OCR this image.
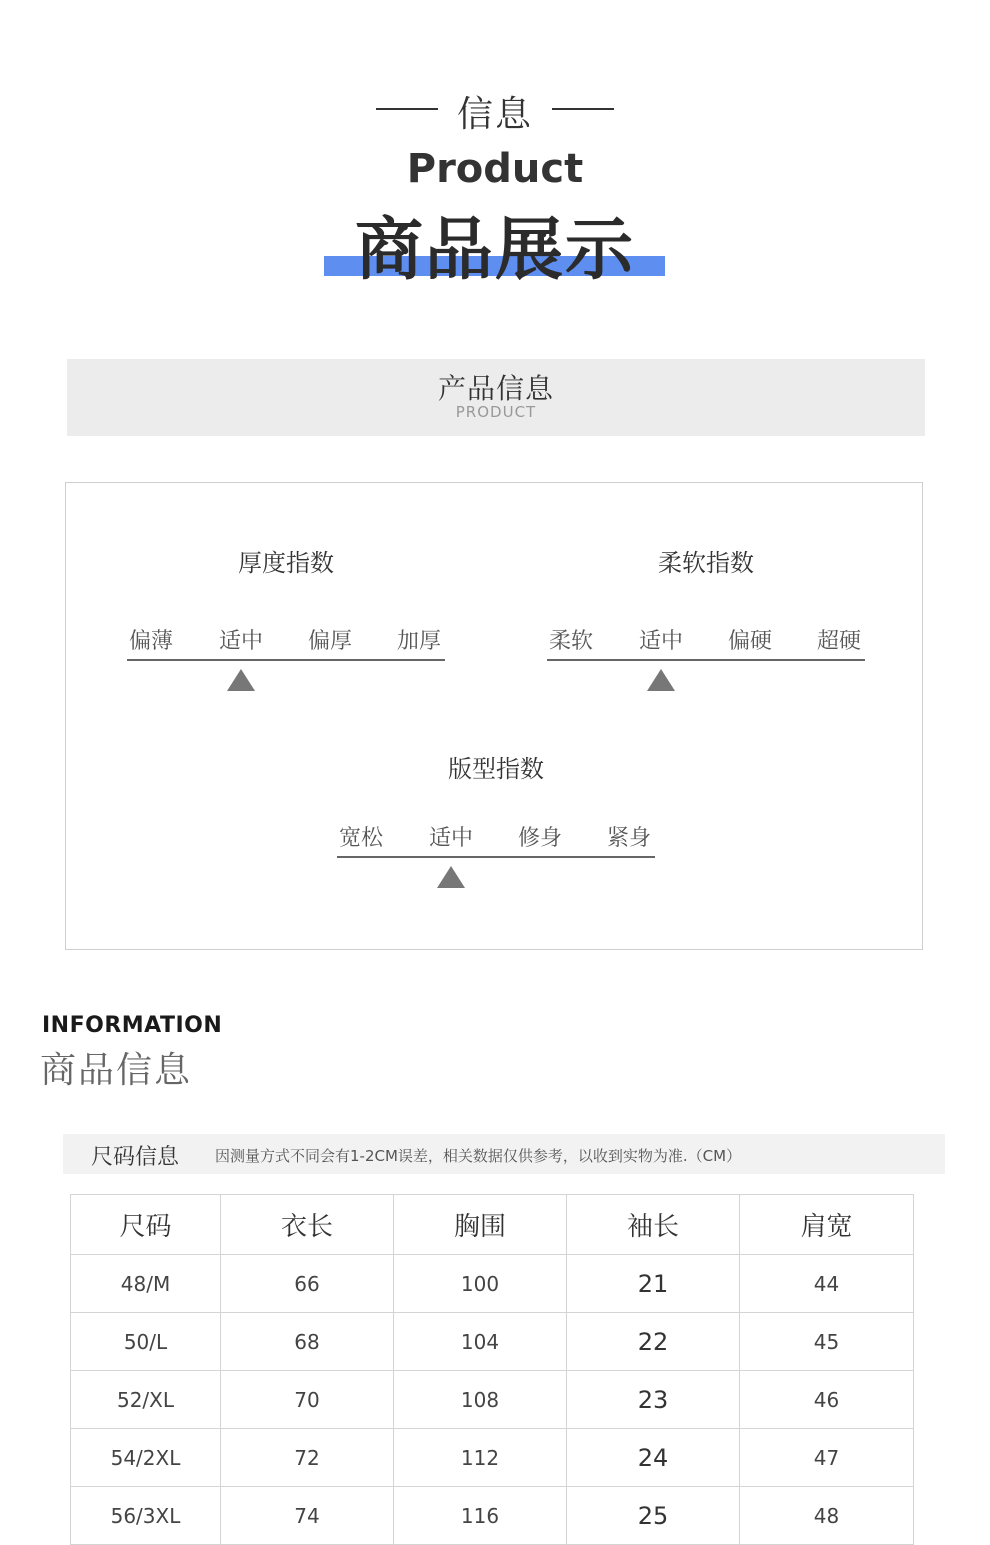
信息
Product
商品展示
产品信息
PRODUCT
厚度指数
偏薄	适中	偏厚	加厚
柔软指数
柔软	适中	偏硬	超硬
版型指数
宽松	适中	修身	紧身
INFORMATION
商品信息
尺码信息 因测量方式不同会有1-2CM误差，相关数据仅供参考，以收到实物为准.（CM）
尺码	衣长	胸围	袖长	肩宽
48/M	66	100	21	44
50/L	68	104	22	45
52/XL	70	108	23	46
54/2XL	72	112	24	47
56/3XL	74	116	25	48
